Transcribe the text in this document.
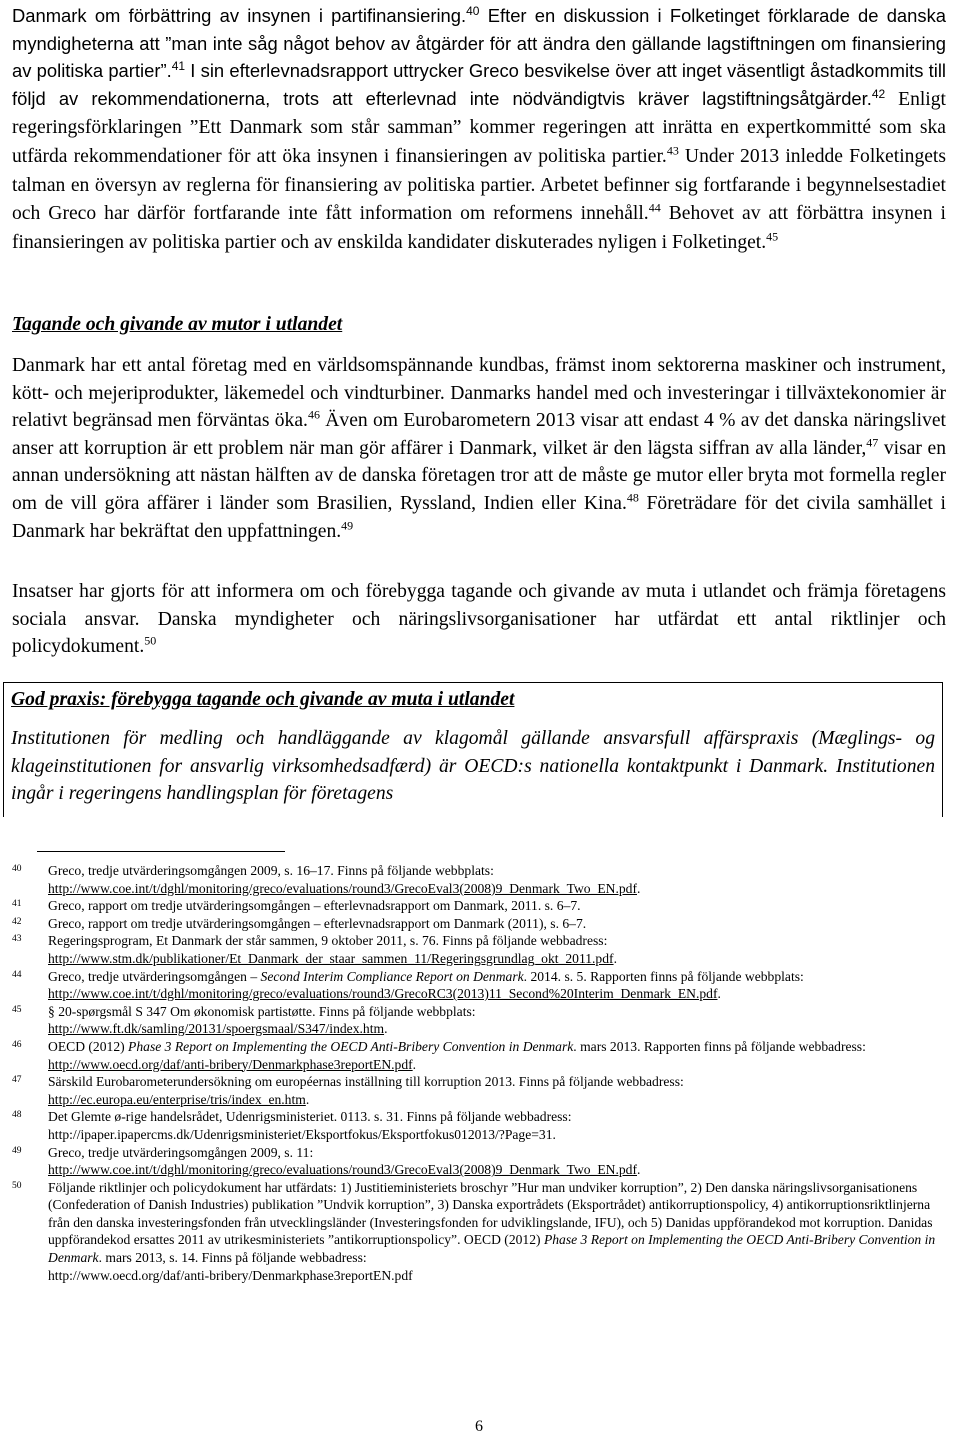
Danmark om förbättring av insynen i partifinansiering.$^{40}$ Efter en diskussion i Folketinget förklarade de danska myndigheterna att ”man inte såg något behov av åtgärder för att ändra den gällande lagstiftningen om finansiering av politiska partier”.$^{41}$ I sin efterlevnadsrapport uttrycker Greco besvikelse över att inget väsentligt åstadkommits till följd av rekommendationerna, trots att efterlevnad inte nödvändigtvis kräver lagstiftningsåtgärder.$^{42}$ Enligt regeringsförklaringen ”Ett Danmark som står samman” kommer regeringen att inrätta en expertkommitté som ska utfärda rekommendationer för att öka insynen i finansieringen av politiska partier.$^{43}$ Under 2013 inledde Folketingets talman en översyn av reglerna för finansiering av politiska partier. Arbetet befinner sig fortfarande i begynnelsestadiet och Greco har därför fortfarande inte fått information om reformens innehåll.$^{44}$ Behovet av att förbättra insynen i finansieringen av politiska partier och av enskilda kandidater diskuterades nyligen i Folketinget.$^{45}$

Tagande och givande av mutor i utlandet

Danmark har ett antal företag med en världsomspännande kundbas, främst inom sektorerna maskiner och instrument, kött- och mejeriprodukter, läkemedel och vindturbiner. Danmarks handel med och investeringar i tillväxtekonomier är relativt begränsad men förväntas öka.$^{46}$ Även om Eurobarometern 2013 visar att endast 4 % av det danska näringslivet anser att korruption är ett problem när man gör affärer i Danmark, vilket är den lägsta siffran av alla länder,$^{47}$ visar en annan undersökning att nästan hälften av de danska företagen tror att de måste ge mutor eller bryta mot formella regler om de vill göra affärer i länder som Brasilien, Ryssland, Indien eller Kina.$^{48}$ Företrädare för det civila samhället i Danmark har bekräftat den uppfattningen.$^{49}$

Insatser har gjorts för att informera om och förebygga tagande och givande av muta i utlandet och främja företagens sociala ansvar. Danska myndigheter och näringslivsorganisationer har utfärdat ett antal riktlinjer och policydokument.$^{50}$

God praxis: förebygga tagande och givande av muta i utlandet

Institutionen för medling och handläggande av klagomål gällande ansvarsfull affärspraxis (Mæglings- og klageinstitutionen for ansvarlig virksomhedsadfærd) är OECD:s nationella kontaktpunkt i Danmark. Institutionen ingår i regeringens handlingsplan för företagens

40 Greco, tredje utvärderingsomgången 2009, s. 16–17. Finns på följande webbplats:
http://www.coe.int/t/dghl/monitoring/greco/evaluations/round3/GrecoEval3(2008)9_Denmark_Two_EN.pdf.

41 Greco, rapport om tredje utvärderingsomgången – efterlevnadsrapport om Danmark, 2011. s. 6–7.

42 Greco, rapport om tredje utvärderingsomgången – efterlevnadsrapport om Danmark (2011), s. 6–7.

43 Regeringsprogram, Et Danmark der står sammen, 9 oktober 2011, s. 76. Finns på följande webbadress:
http://www.stm.dk/publikationer/Et_Danmark_der_staar_sammen_11/Regeringsgrundlag_okt_2011.pdf.

44 Greco, tredje utvärderingsomgången – Second Interim Compliance Report on Denmark. 2014. s. 5. Rapporten finns på följande webbplats:
http://www.coe.int/t/dghl/monitoring/greco/evaluations/round3/GrecoRC3(2013)11_Second%20Interim_Denmark_EN.pdf.

45 § 20-spørgsmål S 347 Om økonomisk partistøtte. Finns på följande webbplats:
http://www.ft.dk/samling/20131/spoergsmaal/S347/index.htm.

46 OECD (2012) Phase 3 Report on Implementing the OECD Anti-Bribery Convention in Denmark. mars 2013. Rapporten finns på följande webbadress: http://www.oecd.org/daf/anti-bribery/Denmarkphase3reportEN.pdf.

47 Särskild Eurobarometerundersökning om européernas inställning till korruption 2013. Finns på följande webbadress:
http://ec.europa.eu/enterprise/tris/index_en.htm.

48 Det Glemte ø-rige handelsrådet, Udenrigsministeriet. 0113. s. 31. Finns på följande webbadress:
http://ipaper.ipapercms.dk/Udenrigsministeriet/Eksportfokus/Eksportfokus012013/?Page=31.

49 Greco, tredje utvärderingsomgången 2009, s. 11:
http://www.coe.int/t/dghl/monitoring/greco/evaluations/round3/GrecoEval3(2008)9_Denmark_Two_EN.pdf.

50 Följande riktlinjer och policydokument har utfärdats: 1) Justitieministeriets broschyr ”Hur man undviker korruption”, 2) Den danska näringslivsorganisationens (Confederation of Danish Industries) publikation ”Undvik korruption”, 3) Danska exportrådets (Eksportrådet) antikorruptionspolicy, 4) antikorruptionsriktlinjerna från den danska investeringsfonden från utvecklingsländer (Investeringsfonden for udviklingslande, IFU), och 5) Danidas uppförandekod mot korruption. Danidas uppförandekod ersattes 2011 av utrikesministeriets ”antikorruptionspolicy”. OECD (2012) Phase 3 Report on Implementing the OECD Anti-Bribery Convention in Denmark. mars 2013, s. 14. Finns på följande webbadress:
http://www.oecd.org/daf/anti-bribery/Denmarkphase3reportEN.pdf

6
